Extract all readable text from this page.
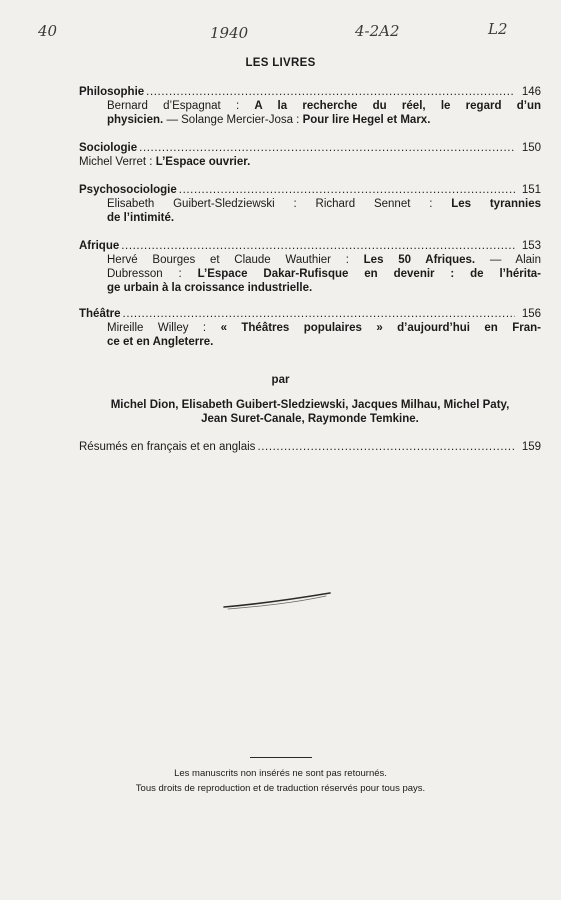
40	1940	4-2A2	L2
LES LIVRES
Philosophie .....	146
Bernard d’Espagnat : A la recherche du réel, le regard d’un
physicien. — Solange Mercier-Josa : Pour lire Hegel et Marx.
Sociologie .....	150
Michel Verret : L’Espace ouvrier.
Psychosociologie .....	151
Elisabeth Guibert-Sledziewski : Richard Sennet : Les tyrannies
de l’intimité.
Afrique .....	153
Hervé Bourges et Claude Wauthier : Les 50 Afriques. — Alain
Dubresson : L’Espace Dakar-Rufisque en devenir : de l’hérita-
ge urbain à la croissance industrielle.
Théâtre .....	156
Mireille Willey : « Théâtres populaires » d’aujourd’hui en Fran-
ce et en Angleterre.
par
Michel Dion, Elisabeth Guibert-Sledziewski, Jacques Milhau, Michel Paty,
Jean Suret-Canale, Raymonde Temkine.
Résumés en français et en anglais .....	159
Les manuscrits non insérés ne sont pas retournés.
Tous droits de reproduction et de traduction réservés pour tous pays.
